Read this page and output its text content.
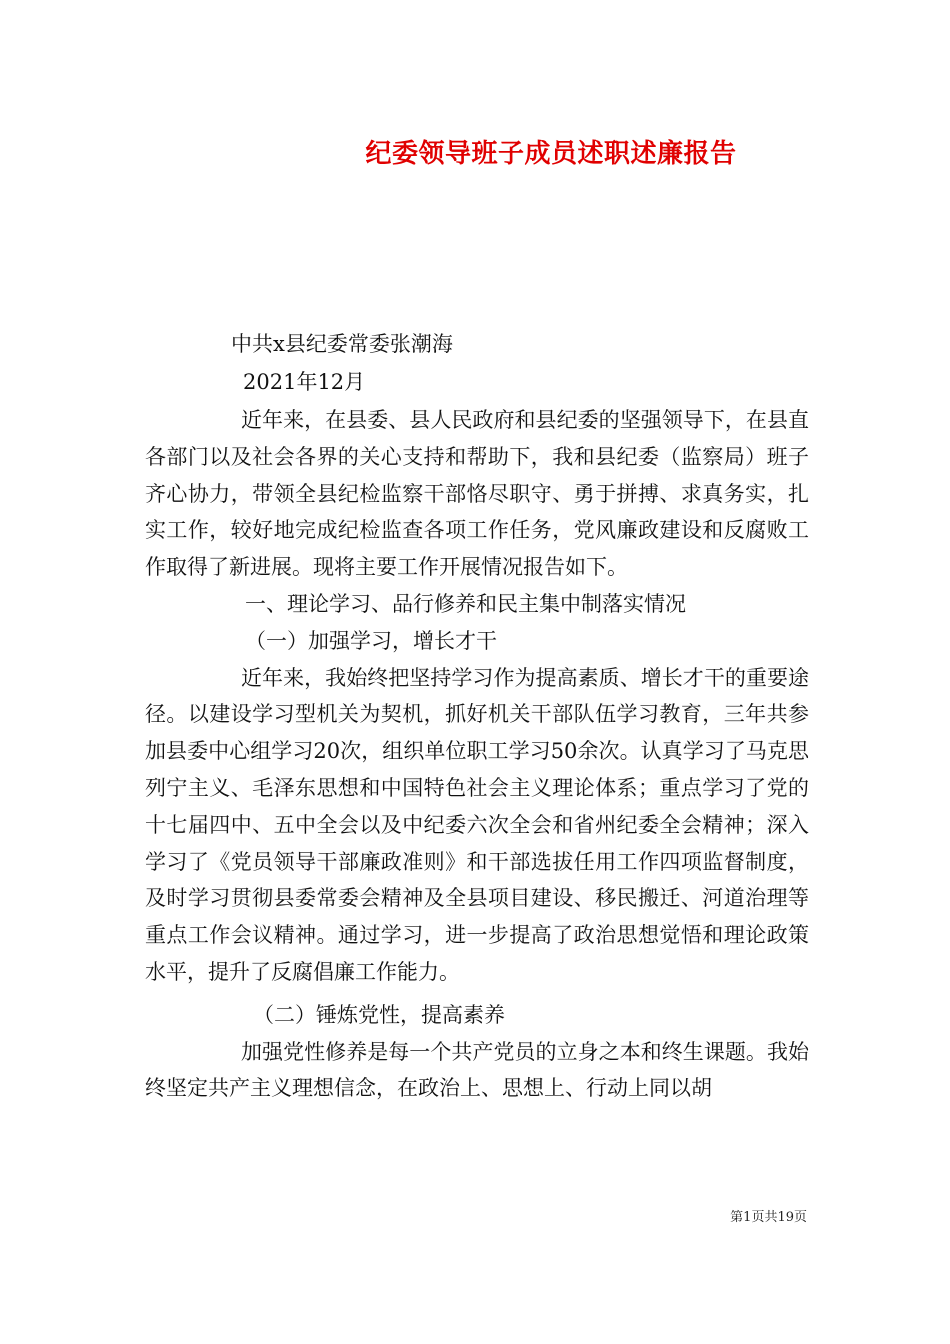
纪委领导班子成员述职述廉报告
中共x县纪委常委张潮海
2021年12月

近年来，在县委、县人民政府和县纪委的坚强领导下，在县直各部门以及社会各界的关心支持和帮助下，我和县纪委（监察局）班子齐心协力，带领全县纪检监察干部恪尽职守、勇于拼搏、求真务实，扎实工作，较好地完成纪检监查各项工作任务，党风廉政建设和反腐败工作取得了新进展。现将主要工作开展情况报告如下。

一、理论学习、品行修养和民主集中制落实情况

（一）加强学习，增长才干

近年来，我始终把坚持学习作为提高素质、增长才干的重要途径。以建设学习型机关为契机，抓好机关干部队伍学习教育，三年共参加县委中心组学习20次，组织单位职工学习50余次。认真学习了马克思列宁主义、毛泽东思想和中国特色社会主义理论体系；重点学习了党的十七届四中、五中全会以及中纪委六次全会和省州纪委全会精神；深入学习了《党员领导干部廉政准则》和干部选拔任用工作四项监督制度，及时学习贯彻县委常委会精神及全县项目建设、移民搬迁、河道治理等重点工作会议精神。通过学习，进一步提高了政治思想觉悟和理论政策水平，提升了反腐倡廉工作能力。

（二）锤炼党性，提高素养

加强党性修养是每一个共产党员的立身之本和终生课题。我始终坚定共产主义理想信念，在政治上、思想上、行动上同以胡

第1页共19页
